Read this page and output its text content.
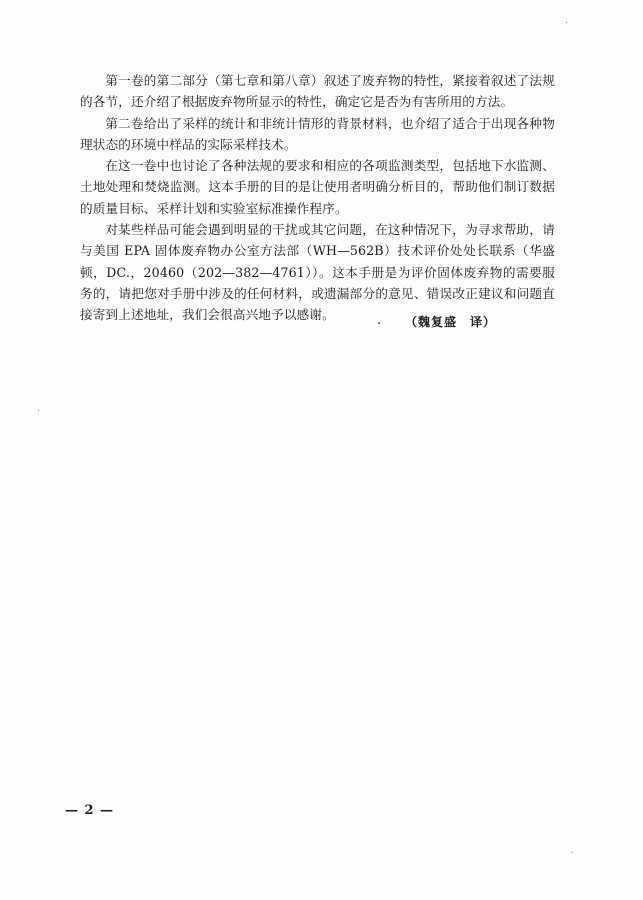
第一卷的第二部分（第七章和第八章）叙述了废弃物的特性，紧接着叙述了法规的各节，还介绍了根据废弃物所显示的特性，确定它是否为有害所用的方法。

第二卷给出了采样的统计和非统计情形的背景材料，也介绍了适合于出现各种物理状态的环境中样品的实际采样技术。

在这一卷中也讨论了各种法规的要求和相应的各项监测类型，包括地下水监测、土地处理和焚烧监测。这本手册的目的是让使用者明确分析目的，帮助他们制订数据的质量目标、采样计划和实验室标准操作程序。

对某些样品可能会遇到明显的干扰或其它问题，在这种情况下，为寻求帮助，请与美国 EPA 固体废弃物办公室方法部（WH—562B）技术评价处处长联系（华盛顿，DC.，20460（202—382—4761））。这本手册是为评价固体废弃物的需要服务的，请把您对手册中涉及的任何材料，或遗漏部分的意见、错误改正建议和问题直接寄到上述地址，我们会很高兴地予以感谢。	（魏复盛　译）
— 2 —
